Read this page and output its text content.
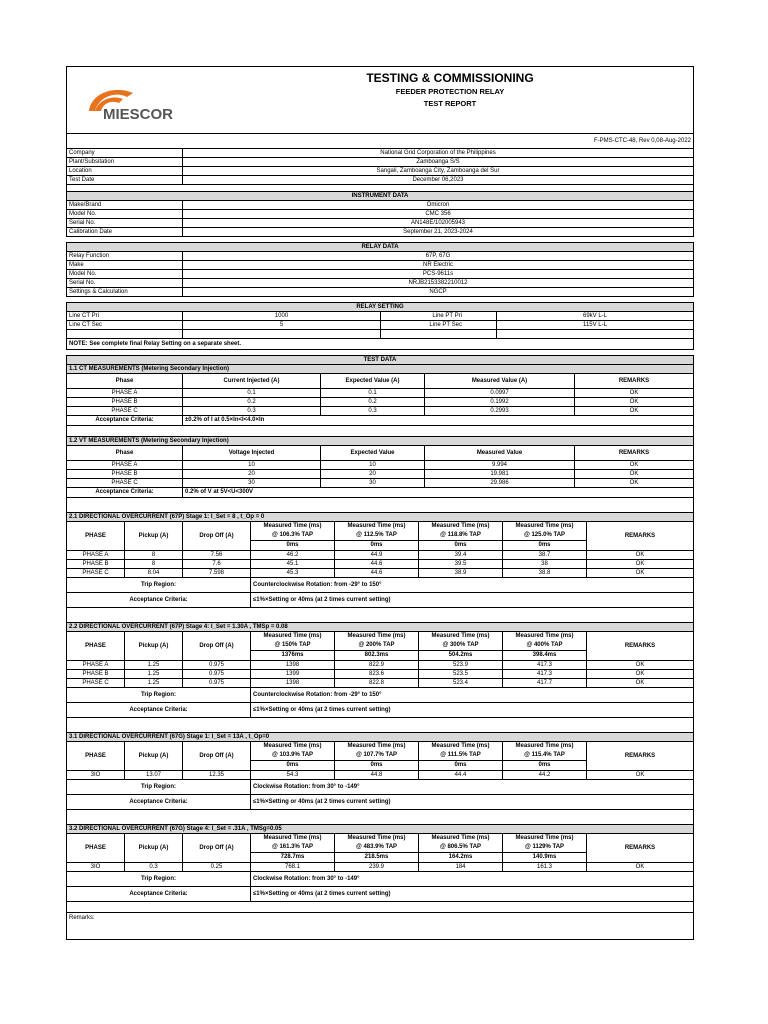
MIESCOR
TESTING & COMMISSIONING
FEEDER PROTECTION RELAY
TEST REPORT
F-PMS-CTC-48, Rev 0,08-Aug-2022
Company	National Grid Corporation of the Philippines
Plant/Subsitation	Zamboanga S/S
Location	Sangali, Zamboanga City, Zamboanga del Sur
Test Date	December 06,2023
INSTRUMENT DATA	
Make/Brand	Omicron
Model No.	CMC 356
Serial No.	AN148E/102005943
Calibration Date	September 21, 2023-2024
RELAY DATA	
Relay Function	67P, 67G
Make	NR Electric
Model No.	PCS-9611s
Serial No.	NRJB2153382210012
Settings & Calculation	NGCP
RELAY SETTING			
Line CT Pri	1000	Line PT Pri	69kV L-L
Line CT Sec	5	Line PT Sec	115V L-L

NOTE: See complete final Relay Setting on a separate sheet.			
TEST DATA				
1.1 CT MEASUREMENTS (Metering Secondary Injection)				
Phase	Current Injected (A)	Expected Value (A)	Measured Value (A)	REMARKS
PHASE A	0.1	0.1	0.0997	OK
PHASE B	0.2	0.2	0.1992	OK
PHASE C	0.3	0.3	0.2993	OK
Acceptance Criteria:	±0.2% of I at 0.5×In<I<4.0×In			
1.2 VT MEASUREMENTS (Metering Secondary Injection)				
Phase	Voltage Injected	Expected Value	Measured Value	REMARKS
PHASE A	10	10	9.994	OK
PHASE B	20	20	19.981	OK
PHASE C	30	30	29.986	OK
Acceptance Criteria:	0.2% of V at 5V<U<300V			
2.1 DIRECTIONAL OVERCURRENT (67P) Stage 1: I_Set = 8 , t_Op = 0							
PHASE	Pickup (A)	Drop Off (A)	Measured Time (ms)	Measured Time (ms)	Measured Time (ms)	Measured Time (ms)	REMARKS
			@ 106.3% TAP	@ 112.5% TAP	@ 118.8% TAP	@ 125.0% TAP	
			0ms	0ms	0ms	0ms	
PHASE A	8	7.56	46.2	44.9	39.4	38.7	OK
PHASE B	8	7.6	45.1	44.6	39.5	38	OK
PHASE C	8.04	7.598	45.3	44.6	38.9	38.8	OK
Trip Region:			Counterclockwise Rotation: from -29° to 150°				
Acceptance Criteria:			≤1%×Setting or 40ms (at 2 times current setting)				
2.2 DIRECTIONAL OVERCURRENT (67P) Stage 4: I_Set = 1.30A , TMSp = 0.08							
PHASE	Pickup (A)	Drop Off (A)	Measured Time (ms)	Measured Time (ms)	Measured Time (ms)	Measured Time (ms)	REMARKS
			@ 150% TAP	@ 200% TAP	@ 300% TAP	@ 400% TAP	
			1376ms	802.3ms	504.2ms	398.4ms	
PHASE A	1.25	0.975	1398	822.9	523.9	417.3	OK
PHASE B	1.25	0.975	1399	823.6	523.5	417.3	OK
PHASE C	1.25	0.975	1398	822.8	523.4	417.7	OK
Trip Region:			Counterclockwise Rotation: from -29° to 150°				
Acceptance Criteria:			≤1%×Setting or 40ms (at 2 times current setting)				
3.1 DIRECTIONAL OVERCURRENT (67G) Stage 1: I_Set = 13A , t_Op=0							
PHASE	Pickup (A)	Drop Off (A)	Measured Time (ms)	Measured Time (ms)	Measured Time (ms)	Measured Time (ms)	REMARKS
			@ 103.9% TAP	@ 107.7% TAP	@ 111.5% TAP	@ 115.4% TAP	
			0ms	0ms	0ms	0ms	
3IO	13.07	12.35	54.3	44.8	44.4	44.2	OK
Trip Region:			Clockwise Rotation: from 30° to -149°				
Acceptance Criteria:			≤1%×Setting or 40ms (at 2 times current setting)				
3.2 DIRECTIONAL OVERCURRENT (67G) Stage 4: I_Set = .31A , TMSg=0.05							
PHASE	Pickup (A)	Drop Off (A)	Measured Time (ms)	Measured Time (ms)	Measured Time (ms)	Measured Time (ms)	REMARKS
			@ 161.3% TAP	@ 483.9% TAP	@ 806.5% TAP	@ 1129% TAP	
			728.7ms	218.5ms	164.2ms	140.9ms	
3IO	0.3	0.25	768.1	239.9	184	161.3	OK
Trip Region:			Clockwise Rotation: from 30° to -149°				
Acceptance Criteria:			≤1%×Setting or 40ms (at 2 times current setting)				
Remarks:
